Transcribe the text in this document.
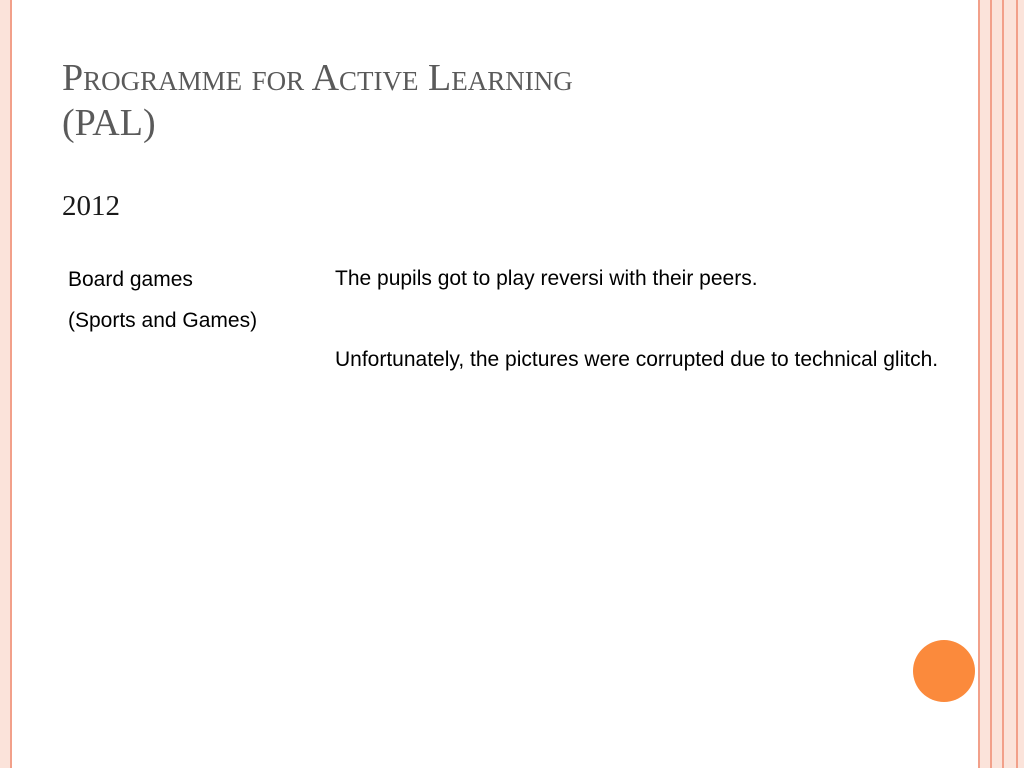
Programme for Active Learning
(PAL)
2012

Board games

(Sports and Games)

The pupils got to play reversi with their peers.

Unfortunately, the pictures were corrupted due to technical glitch.
